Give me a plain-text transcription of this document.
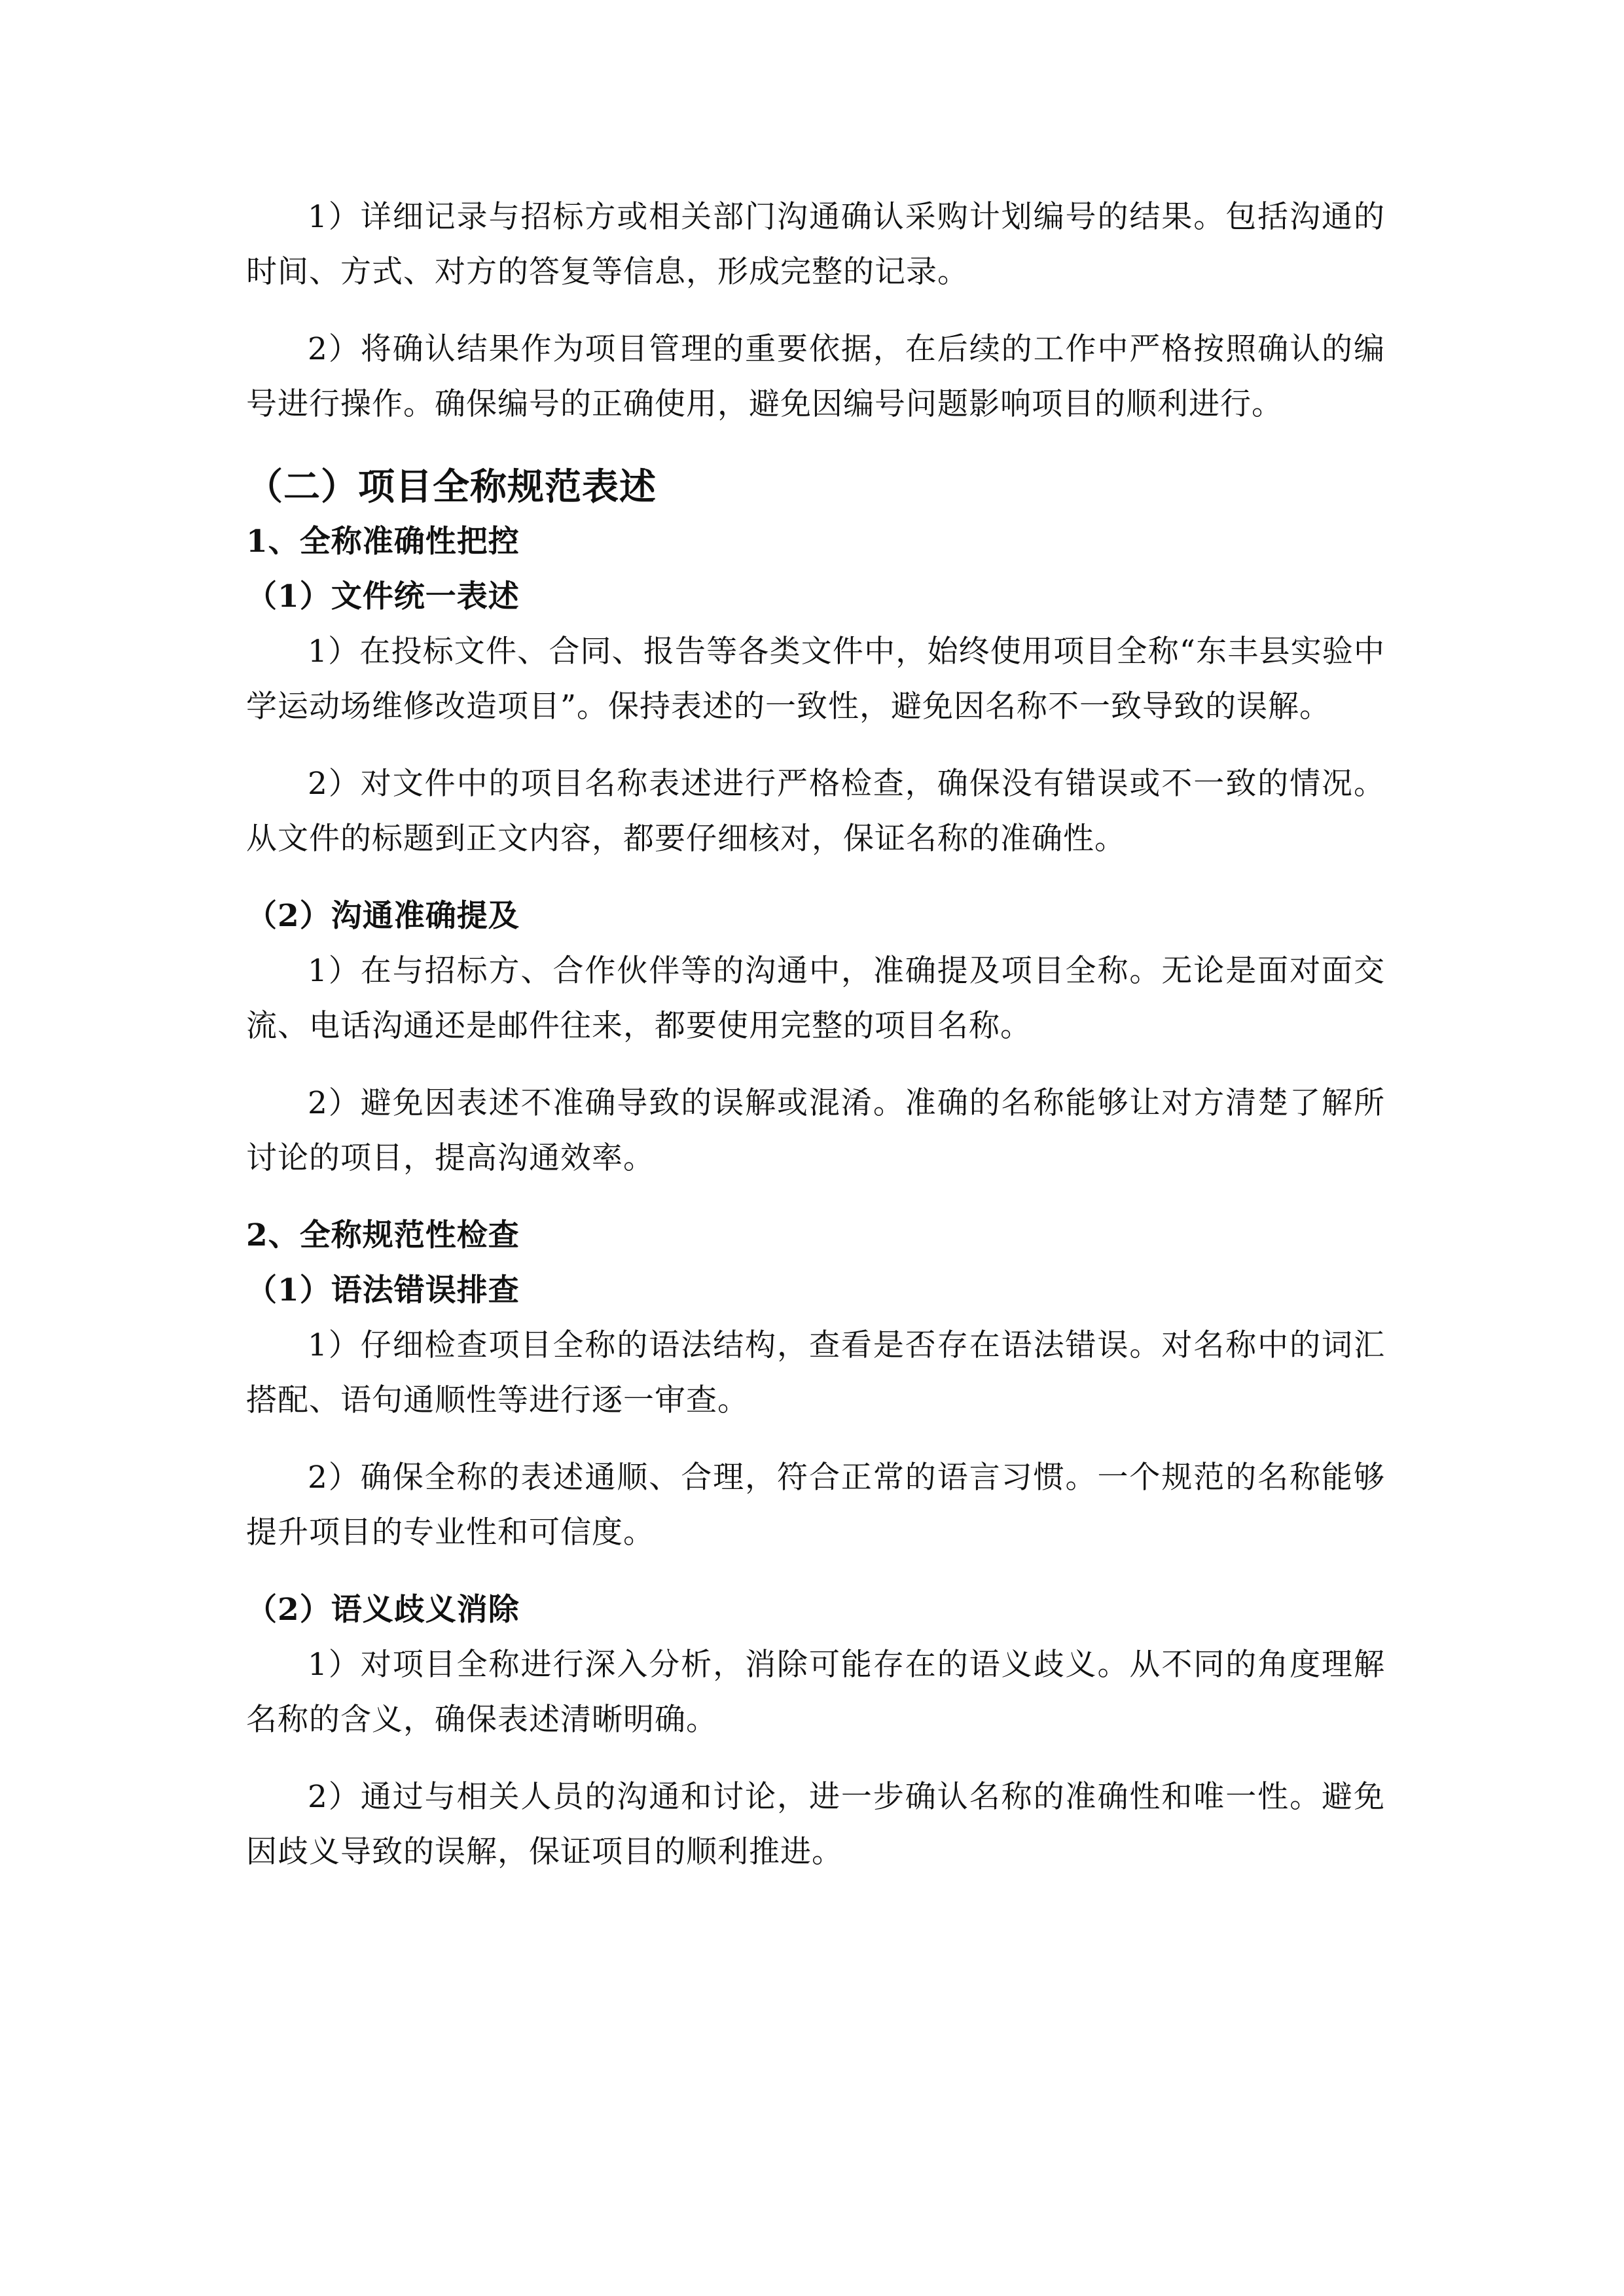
1）详细记录与招标方或相关部门沟通确认采购计划编号的结果。包括沟通的时间、方式、对方的答复等信息，形成完整的记录。

2）将确认结果作为项目管理的重要依据，在后续的工作中严格按照确认的编号进行操作。确保编号的正确使用，避免因编号问题影响项目的顺利进行。

（二）项目全称规范表述
1、全称准确性把控
（1）文件统一表述

1）在投标文件、合同、报告等各类文件中，始终使用项目全称“东丰县实验中学运动场维修改造项目”。保持表述的一致性，避免因名称不一致导致的误解。

2）对文件中的项目名称表述进行严格检查，确保没有错误或不一致的情况。从文件的标题到正文内容，都要仔细核对，保证名称的准确性。

（2）沟通准确提及

1）在与招标方、合作伙伴等的沟通中，准确提及项目全称。无论是面对面交流、电话沟通还是邮件往来，都要使用完整的项目名称。

2）避免因表述不准确导致的误解或混淆。准确的名称能够让对方清楚了解所讨论的项目，提高沟通效率。

2、全称规范性检查
（1）语法错误排查

1）仔细检查项目全称的语法结构，查看是否存在语法错误。对名称中的词汇搭配、语句通顺性等进行逐一审查。

2）确保全称的表述通顺、合理，符合正常的语言习惯。一个规范的名称能够提升项目的专业性和可信度。

（2）语义歧义消除

1）对项目全称进行深入分析，消除可能存在的语义歧义。从不同的角度理解名称的含义，确保表述清晰明确。

2）通过与相关人员的沟通和讨论，进一步确认名称的准确性和唯一性。避免因歧义导致的误解，保证项目的顺利推进。
